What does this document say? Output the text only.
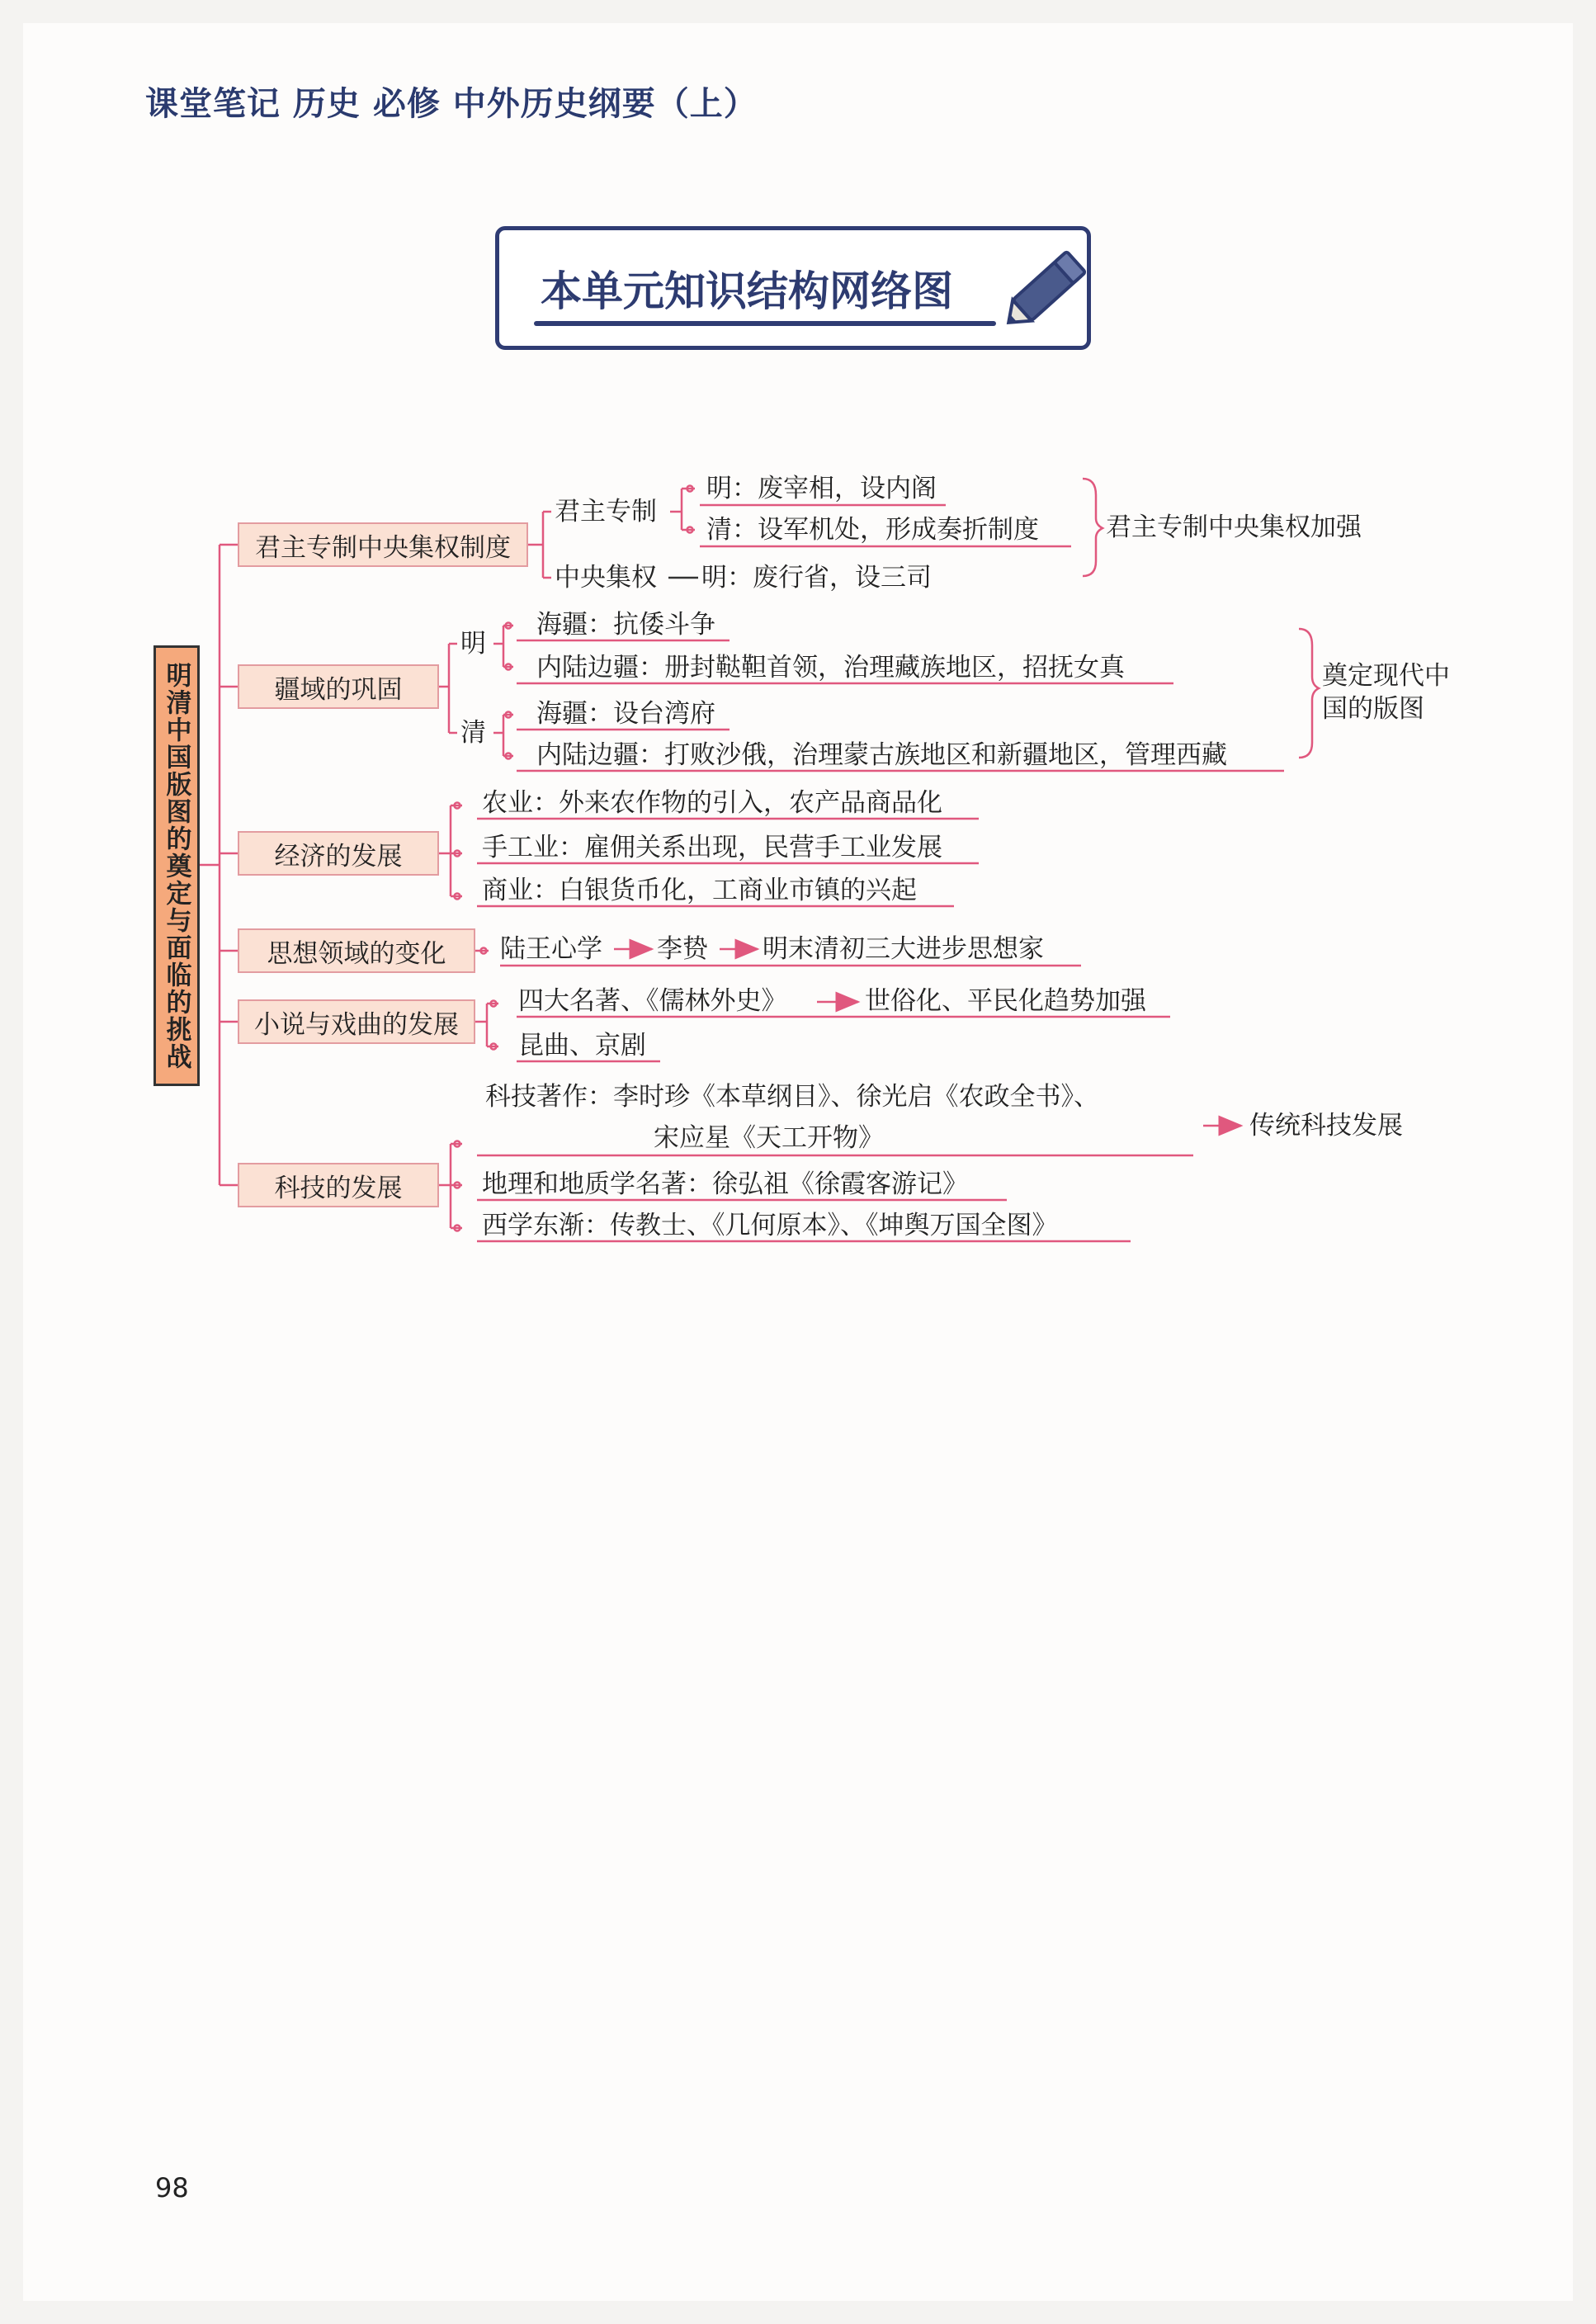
课堂笔记 历史 必修 中外历史纲要（上）
本单元知识结构网络图
明清中国版图的奠定与面临的挑战
君主专制中央集权制度
君主专制
明：废宰相，设内阁
清：设军机处，形成奏折制度
中央集权 明：废行省，设三司
君主专制中央集权加强
疆域的巩固
明
海疆：抗倭斗争
内陆边疆：册封鞑靼首领，治理藏族地区，招抚女真
清
海疆：设台湾府
内陆边疆：打败沙俄，治理蒙古族地区和新疆地区，管理西藏
奠定现代中
国的版图
经济的发展
农业：外来农作物的引入，农产品商品化
手工业：雇佣关系出现，民营手工业发展
商业：白银货币化，工商业市镇的兴起
思想领域的变化	陆王心学 李贽 明末清初三大进步思想家
小说与戏曲的发展
四大名著、《儒林外史》	世俗化、平民化趋势加强
昆曲、京剧
科技的发展
科技著作：李时珍《本草纲目》、徐光启《农政全书》、
宋应星《天工开物》	传统科技发展
地理和地质学名著：徐弘祖《徐霞客游记》
西学东渐：传教士、《几何原本》、《坤舆万国全图》
98
